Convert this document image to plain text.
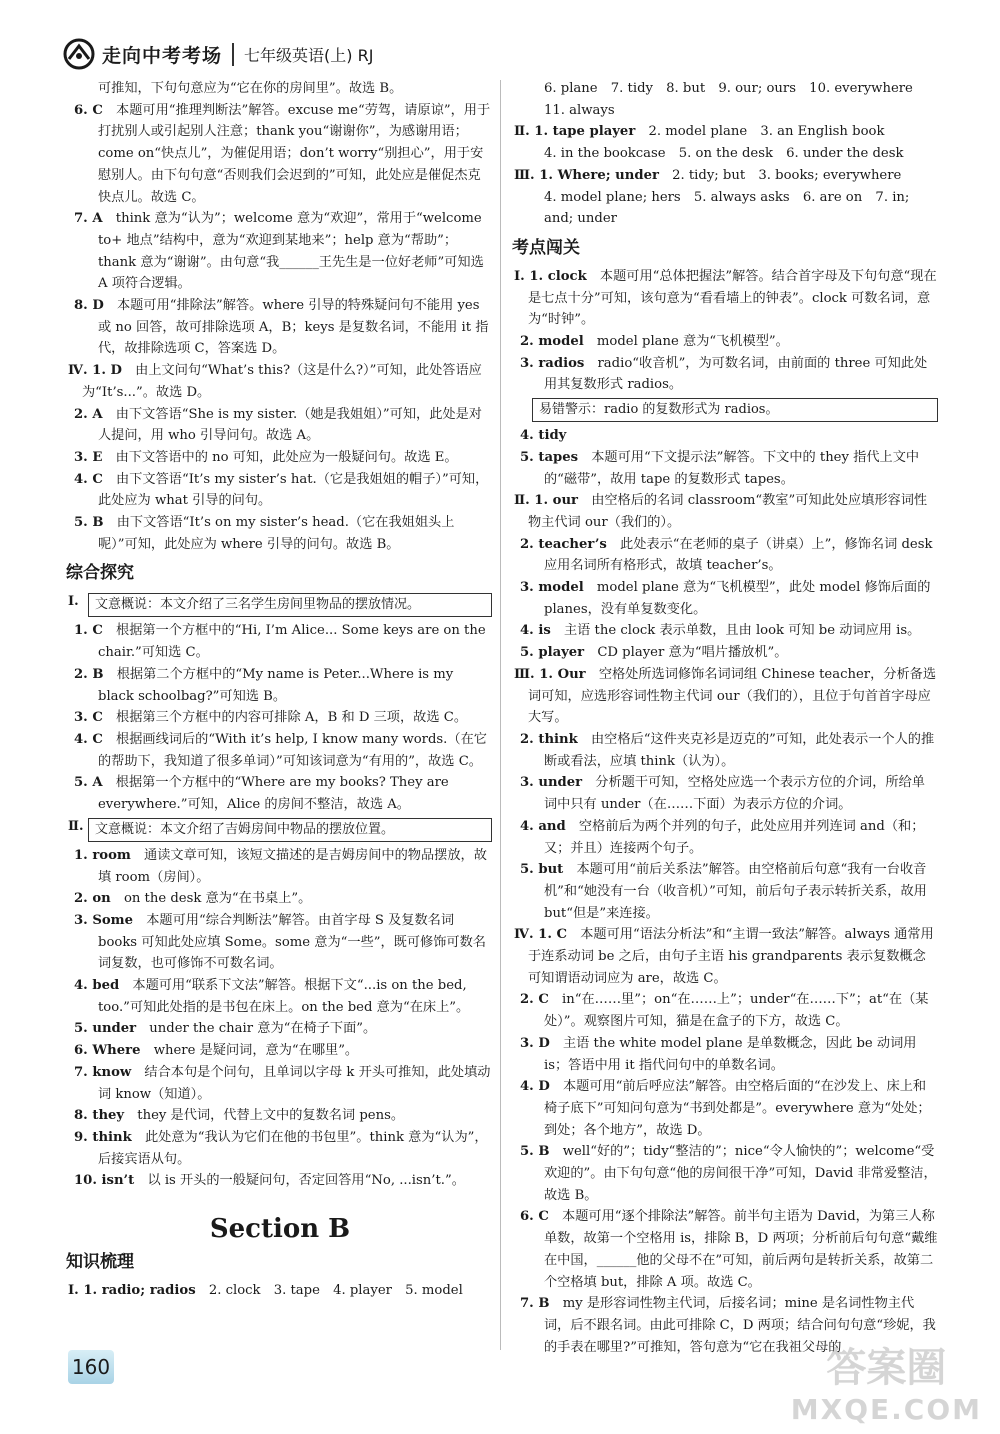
走向中考考场	七年级英语(上) RJ

可推知，下句句意应为“它在你的房间里”。故选 B。

6. C　 本题可用“推理判断法”解答。excuse me“劳驾，请原谅”，用于打扰别人或引起别人注意；thank you“谢谢你”，为感谢用语；come on“快点儿”，为催促用语；don’t worry“别担心”，用于安慰别人。由下句句意“否则我们会迟到的”可知，此处应是催促杰克快点儿。故选 C。

7. A　 think 意为“认为”；welcome 意为“欢迎”，常用于“welcome to+ 地点”结构中，意为“欢迎到某地来”；help 意为“帮助”；thank 意为“谢谢”。由句意“我______王先生是一位好老师”可知选 A 项符合逻辑。

8. D　 本题可用“排除法”解答。where 引导的特殊疑问句不能用 yes 或 no 回答，故可排除选项 A，B；keys 是复数名词，不能用 it 指代，故排除选项 C，答案选 D。

Ⅳ. 1. D　 由上文问句“What’s this?（这是什么?）”可知，此处答语应为“It’s...”。故选 D。

2. A　 由下文答语“She is my sister.（她是我姐姐）”可知，此处是对人提问，用 who 引导问句。故选 A。

3. E　 由下文答语中的 no 可知，此处应为一般疑问句。故选 E。

4. C　 由下文答语“It’s my sister’s hat.（它是我姐姐的帽子）”可知，此处应为 what 引导的问句。

5. B　 由下文答语“It’s on my sister’s head.（它在我姐姐头上呢）”可知，此处应为 where 引导的问句。故选 B。

综合探究
Ⅰ.	文意概说：本文介绍了三名学生房间里物品的摆放情况。

1. C　 根据第一个方框中的“Hi, I’m Alice... Some keys are on the chair.”可知选 C。

2. B　 根据第二个方框中的“My name is Peter...Where is my black schoolbag?”可知选 B。

3. C　 根据第三个方框中的内容可排除 A，B 和 D 三项，故选 C。

4. C　 根据画线词后的“With it’s help, I know many words.（在它的帮助下，我知道了很多单词）”可知该词意为“有用的”，故选 C。

5. A　 根据第一个方框中的“Where are my books? They are everywhere.”可知，Alice 的房间不整洁，故选 A。

Ⅱ. 文意概说：本文介绍了吉姆房间中物品的摆放位置。

1. room　 通读文章可知，该短文描述的是吉姆房间中的物品摆放，故填 room（房间）。

2. on　 on the desk 意为“在书桌上”。

3. Some　 本题可用“综合判断法”解答。由首字母 S 及复数名词 books 可知此处应填 Some。some 意为“一些”，既可修饰可数名词复数，也可修饰不可数名词。

4. bed　 本题可用“联系下文法”解答。根据下文“...is on the bed, too.”可知此处指的是书包在床上。on the bed 意为“在床上”。

5. under　 under the chair 意为“在椅子下面”。

6. Where　 where 是疑问词，意为“在哪里”。

7. know　 结合本句是个问句，且单词以字母 k 开头可推知，此处填动词 know（知道）。

8. they　 they 是代词，代替上文中的复数名词 pens。

9. think　 此处意为“我认为它们在他的书包里”。think 意为“认为”，后接宾语从句。

10. isn’t　 以 is 开头的一般疑问句，否定回答用“No, ...isn’t.”。

Section B
知识梳理

Ⅰ. 1. radio; radios　 2. clock　3. tape　4. player　5. model

6. plane　7. tidy　8. but　9. our; ours　10. everywhere

11. always

Ⅱ. 1. tape player　 2. model plane　3. an English book

4. in the bookcase　5. on the desk　6. under the desk

Ⅲ. 1. Where; under　 2. tidy; but　3. books; everywhere

4. model plane; hers　5. always asks　6. are on　7. in; and; under

考点闯关

Ⅰ. 1. clock　 本题可用“总体把握法”解答。结合首字母及下句句意“现在是七点十分”可知，该句意为“看看墙上的钟表”。clock 可数名词，意为“时钟”。

2. model　 model plane 意为“飞机模型”。

3. radios　 radio“收音机”，为可数名词，由前面的 three 可知此处用其复数形式 radios。

易错警示：radio 的复数形式为 radios。

4. tidy　

5. tapes　 本题可用“下文提示法”解答。下文中的 they 指代上文中的“磁带”，故用 tape 的复数形式 tapes。

Ⅱ. 1. our　 由空格后的名词 classroom“教室”可知此处应填形容词性物主代词 our（我们的）。

2. teacher’s　 此处表示“在老师的桌子（讲桌）上”，修饰名词 desk 应用名词所有格形式，故填 teacher’s。

3. model　 model plane 意为“飞机模型”，此处 model 修饰后面的 planes，没有单复数变化。

4. is　 主语 the clock 表示单数，且由 look 可知 be 动词应用 is。

5. player　 CD player 意为“唱片播放机”。

Ⅲ. 1. Our　 空格处所选词修饰名词词组 Chinese teacher，分析备选词可知，应选形容词性物主代词 our（我们的），且位于句首首字母应大写。

2. think　 由空格后“这件夹克衫是迈克的”可知，此处表示一个人的推断或看法，应填 think（认为）。

3. under　 分析题干可知，空格处应选一个表示方位的介词，所给单词中只有 under（在……下面）为表示方位的介词。

4. and　 空格前后为两个并列的句子，此处应用并列连词 and（和；又；并且）连接两个句子。

5. but　 本题可用“前后关系法”解答。由空格前后句意“我有一台收音机”和“她没有一台（收音机）”可知，前后句子表示转折关系，故用 but“但是”来连接。

Ⅳ. 1. C　 本题可用“语法分析法”和“主谓一致法”解答。always 通常用于连系动词 be 之后，由句子主语 his grandparents 表示复数概念可知谓语动词应为 are，故选 C。

2. C　 in“在……里”；on“在……上”；under“在……下”；at“在（某处）”。观察图片可知，猫是在盒子的下方，故选 C。

3. D　 主语 the white model plane 是单数概念，因此 be 动词用 is；答语中用 it 指代问句中的单数名词。

4. D　 本题可用“前后呼应法”解答。由空格后面的“在沙发上、床上和椅子底下”可知问句意为“书到处都是”。everywhere 意为“处处；到处；各个地方”，故选 D。

5. B　 well“好的”；tidy“整洁的”；nice“令人愉快的”；welcome“受欢迎的”。由下句句意“他的房间很干净”可知，David 非常爱整洁，故选 B。

6. C　 本题可用“逐个排除法”解答。前半句主语为 David，为第三人称单数，故第一个空格用 is，排除 B，D 两项；分析前后句句意“戴维在中国，______他的父母不在”可知，前后两句是转折关系，故第二个空格填 but，排除 A 项。故选 C。

7. B　 my 是形容词性物主代词，后接名词；mine 是名词性物主代词，后不跟名词。由此可排除 C，D 两项；结合问句句意“珍妮，我的手表在哪里?”可推知，答句意为“它在我祖父母的

160	答案圈
MXQE.COM
